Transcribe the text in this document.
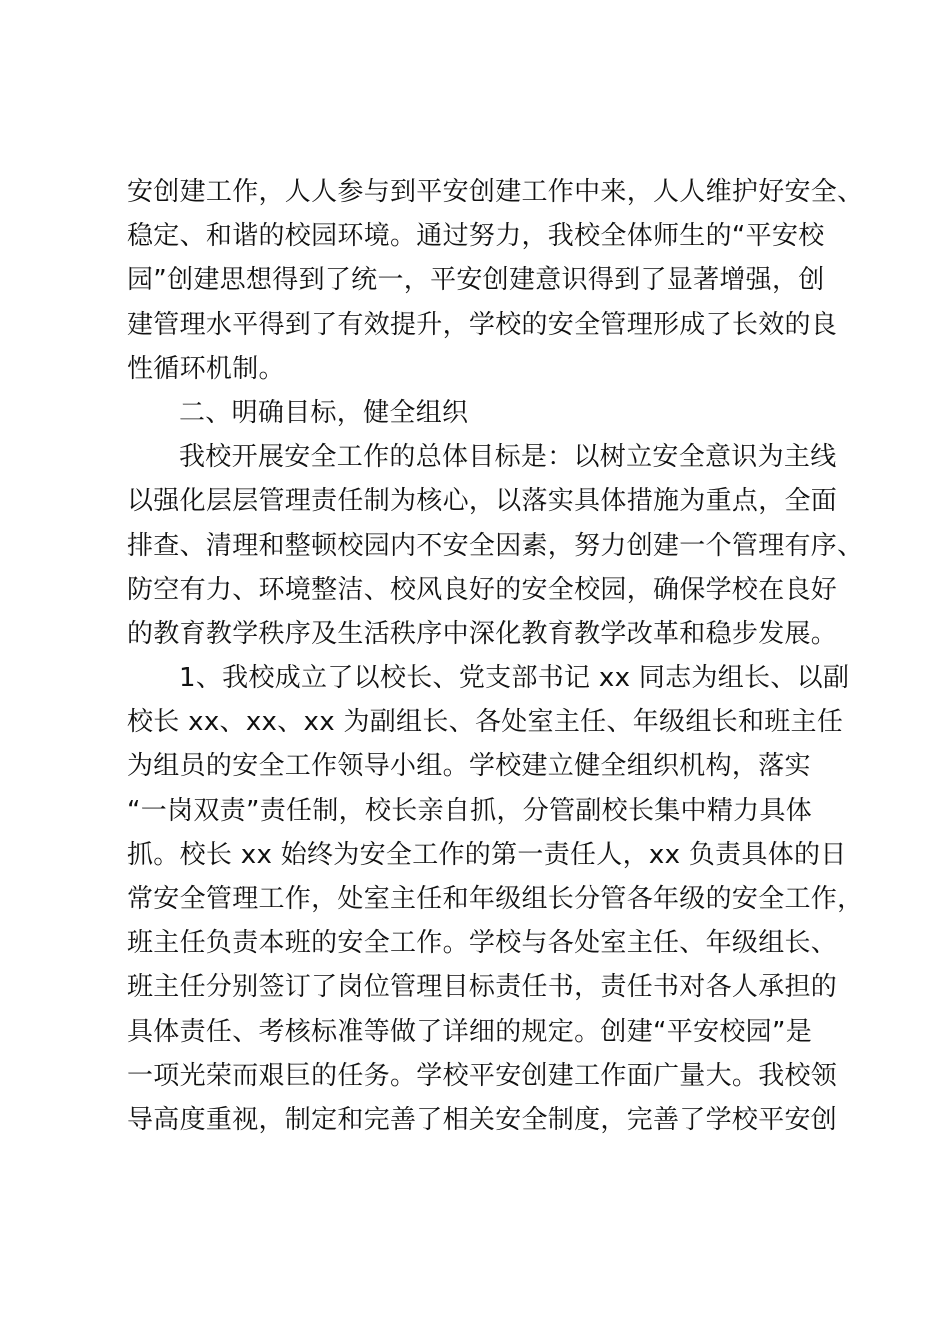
安创建工作，人人参与到平安创建工作中来，人人维护好安全、
稳定、和谐的校园环境。通过努力，我校全体师生的“平安校
园”创建思想得到了统一，平安创建意识得到了显著增强，创
建管理水平得到了有效提升，学校的安全管理形成了长效的良
性循环机制。
二、明确目标，健全组织
我校开展安全工作的总体目标是：以树立安全意识为主线
以强化层层管理责任制为核心，以落实具体措施为重点，全面
排查、清理和整顿校园内不安全因素，努力创建一个管理有序、
防空有力、环境整洁、校风良好的安全校园，确保学校在良好
的教育教学秩序及生活秩序中深化教育教学改革和稳步发展。
1、我校成立了以校长、党支部书记 xx 同志为组长、以副
校长 xx、xx、xx 为副组长、各处室主任、年级组长和班主任
为组员的安全工作领导小组。学校建立健全组织机构，落实
“一岗双责”责任制，校长亲自抓，分管副校长集中精力具体
抓。校长 xx 始终为安全工作的第一责任人，xx 负责具体的日
常安全管理工作，处室主任和年级组长分管各年级的安全工作，
班主任负责本班的安全工作。学校与各处室主任、年级组长、
班主任分别签订了岗位管理目标责任书，责任书对各人承担的
具体责任、考核标准等做了详细的规定。创建“平安校园”是
一项光荣而艰巨的任务。学校平安创建工作面广量大。我校领
导高度重视，制定和完善了相关安全制度，完善了学校平安创
